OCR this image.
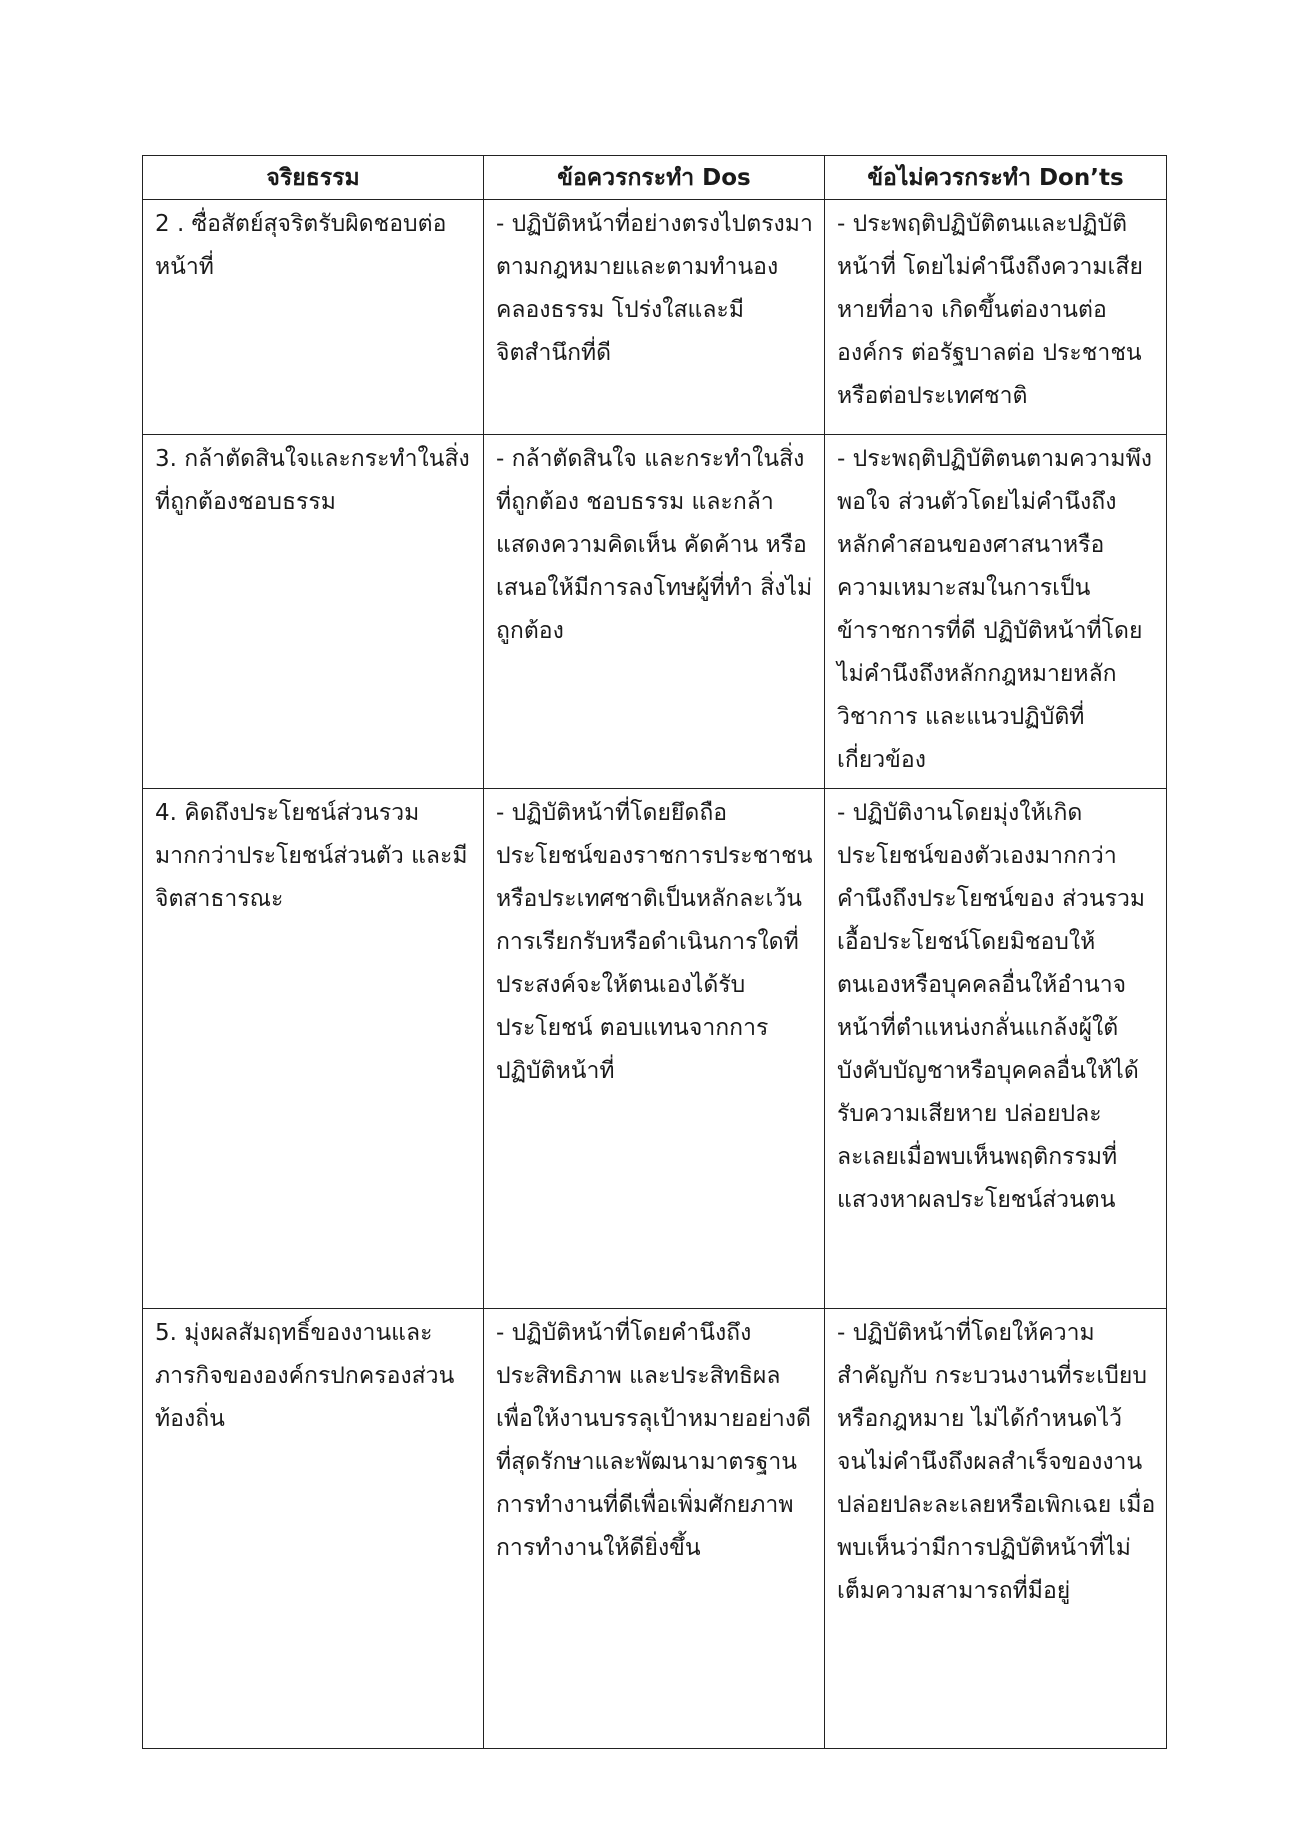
จริยธรรม	ข้อควรกระทำ Dos	ข้อไม่ควรกระทำ Don’ts
2 . ซื่อสัตย์สุจริตรับผิดชอบต่อหน้าที่	- ปฏิบัติหน้าที่อย่างตรงไปตรงมาตามกฎหมายและตามทำนองคลองธรรม โปร่งใสและมีจิตสำนึกที่ดี	- ประพฤติปฏิบัติตนและปฏิบัติหน้าที่ โดยไม่คำนึงถึงความเสียหายที่อาจ เกิดขึ้นต่องานต่อองค์กร ต่อรัฐบาลต่อ ประชาชนหรือต่อประเทศชาติ
3. กล้าตัดสินใจและกระทำในสิ่งที่ถูกต้องชอบธรรม	- กล้าตัดสินใจ และกระทำในสิ่งที่ถูกต้อง ชอบธรรม และกล้าแสดงความคิดเห็น คัดค้าน หรือเสนอให้มีการลงโทษผู้ที่ทำ สิ่งไม่ถูกต้อง	- ประพฤติปฏิบัติตนตามความพึงพอใจ ส่วนตัวโดยไม่คำนึงถึงหลักคำสอนของศาสนาหรือความเหมาะสมในการเป็นข้าราชการที่ดี ปฏิบัติหน้าที่โดยไม่คำนึงถึงหลักกฎหมายหลักวิชาการ และแนวปฏิบัติที่เกี่ยวข้อง
4. คิดถึงประโยชน์ส่วนรวมมากกว่าประโยชน์ส่วนตัว และมีจิตสาธารณะ	- ปฏิบัติหน้าที่โดยยึดถือประโยชน์ของราชการประชาชนหรือประเทศชาติเป็นหลักละเว้นการเรียกรับหรือดำเนินการใดที่ประสงค์จะให้ตนเองได้รับประโยชน์ ตอบแทนจากการปฏิบัติหน้าที่	- ปฏิบัติงานโดยมุ่งให้เกิดประโยชน์ของตัวเองมากกว่าคำนึงถึงประโยชน์ของ ส่วนรวม เอื้อประโยชน์โดยมิชอบให้ตนเองหรือบุคคลอื่นให้อำนาจหน้าที่ตำแหน่งกลั่นแกล้งผู้ใต้บังคับบัญชาหรือบุคคลอื่นให้ได้รับความเสียหาย ปล่อยปละละเลยเมื่อพบเห็นพฤติกรรมที่ แสวงหาผลประโยชน์ส่วนตน
5. มุ่งผลสัมฤทธิ์ของงานและภารกิจขององค์กรปกครองส่วนท้องถิ่น	- ปฏิบัติหน้าที่โดยคำนึงถึงประสิทธิภาพ และประสิทธิผลเพื่อให้งานบรรลุเป้าหมายอย่างดีที่สุดรักษาและพัฒนามาตรฐานการทำงานที่ดีเพื่อเพิ่มศักยภาพ การทำงานให้ดียิ่งขึ้น	- ปฏิบัติหน้าที่โดยให้ความสำคัญกับ กระบวนงานที่ระเบียบหรือกฎหมาย ไม่ได้กำหนดไว้ จนไม่คำนึงถึงผลสำเร็จของงาน ปล่อยปละละเลยหรือเพิกเฉย เมื่อพบเห็นว่ามีการปฏิบัติหน้าที่ไม่เต็มความสามารถที่มีอยู่
